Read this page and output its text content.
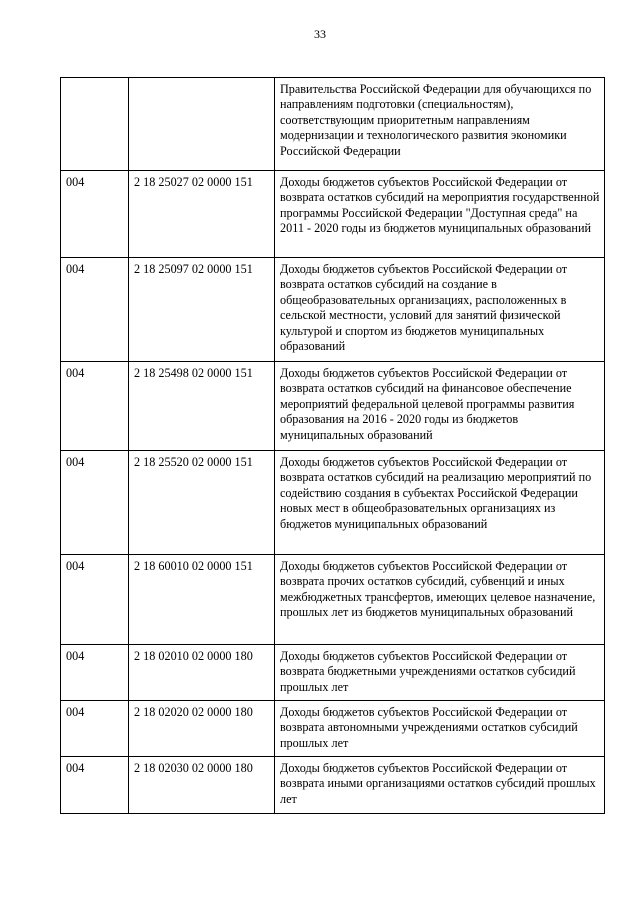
33
		Правительства Российской Федерации для обучающихся по направлениям подготовки (специальностям), соответствующим приоритетным направлениям модернизации и технологического развития экономики Российской Федерации
004	2 18 25027 02 0000 151	Доходы бюджетов субъектов Российской Федерации от возврата остатков субсидий на мероприятия государственной программы Российской Федерации "Доступная среда" на 2011 - 2020 годы из бюджетов муниципальных образований
004	2 18 25097 02 0000 151	Доходы бюджетов субъектов Российской Федерации от возврата остатков субсидий на создание в общеобразовательных организациях, расположенных в сельской местности, условий для занятий физической культурой и спортом из бюджетов муниципальных образований
004	2 18 25498 02 0000 151	Доходы бюджетов субъектов Российской Федерации от возврата остатков субсидий на финансовое обеспечение мероприятий федеральной целевой программы развития образования на 2016 - 2020 годы из бюджетов муниципальных образований
004	2 18 25520 02 0000 151	Доходы бюджетов субъектов Российской Федерации от возврата остатков субсидий на реализацию мероприятий по содействию создания в субъектах Российской Федерации новых мест в общеобразовательных организациях из бюджетов муниципальных образований
004	2 18 60010 02 0000 151	Доходы бюджетов субъектов Российской Федерации от возврата прочих остатков субсидий, субвенций и иных межбюджетных трансфертов, имеющих целевое назначение, прошлых лет из бюджетов муниципальных образований
004	2 18 02010 02 0000 180	Доходы бюджетов субъектов Российской Федерации от возврата бюджетными учреждениями остатков субсидий прошлых лет
004	2 18 02020 02 0000 180	Доходы бюджетов субъектов Российской Федерации от возврата автономными учреждениями остатков субсидий прошлых лет
004	2 18 02030 02 0000 180	Доходы бюджетов субъектов Российской Федерации от возврата иными организациями остатков субсидий прошлых лет
